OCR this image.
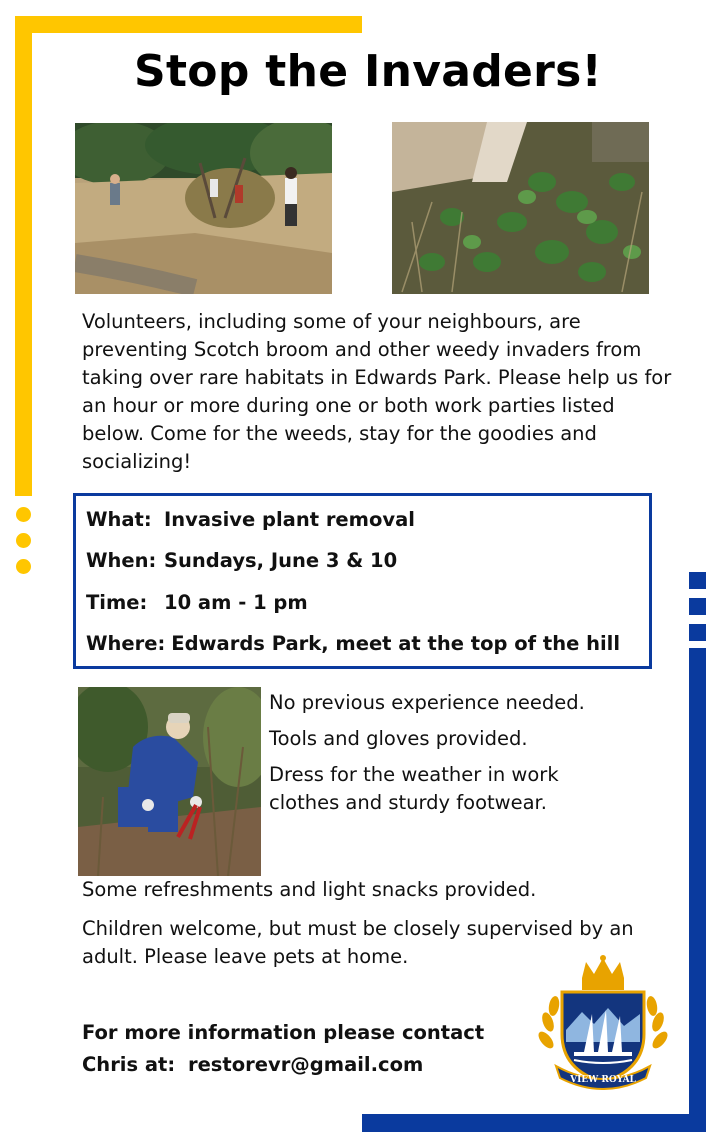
Stop the Invaders!

Volunteers, including some of your neighbours, are preventing Scotch broom and other weedy invaders from taking over rare habitats in Edwards Park. Please help us for an hour or more during one or both work parties listed below. Come for the weeds, stay for the goodies and socializing!

What: Invasive plant removal
When: Sundays, June 3 & 10
Time: 10 am - 1 pm
Where: Edwards Park, meet at the top of the hill

No previous experience needed.

Tools and gloves provided.

Dress for the weather in work clothes and sturdy footwear.

Some refreshments and light snacks provided.

Children welcome, but must be closely supervised by an adult. Please leave pets at home.

For more information please contact
Chris at: restorevr@gmail.com
VIEW ROYAL
